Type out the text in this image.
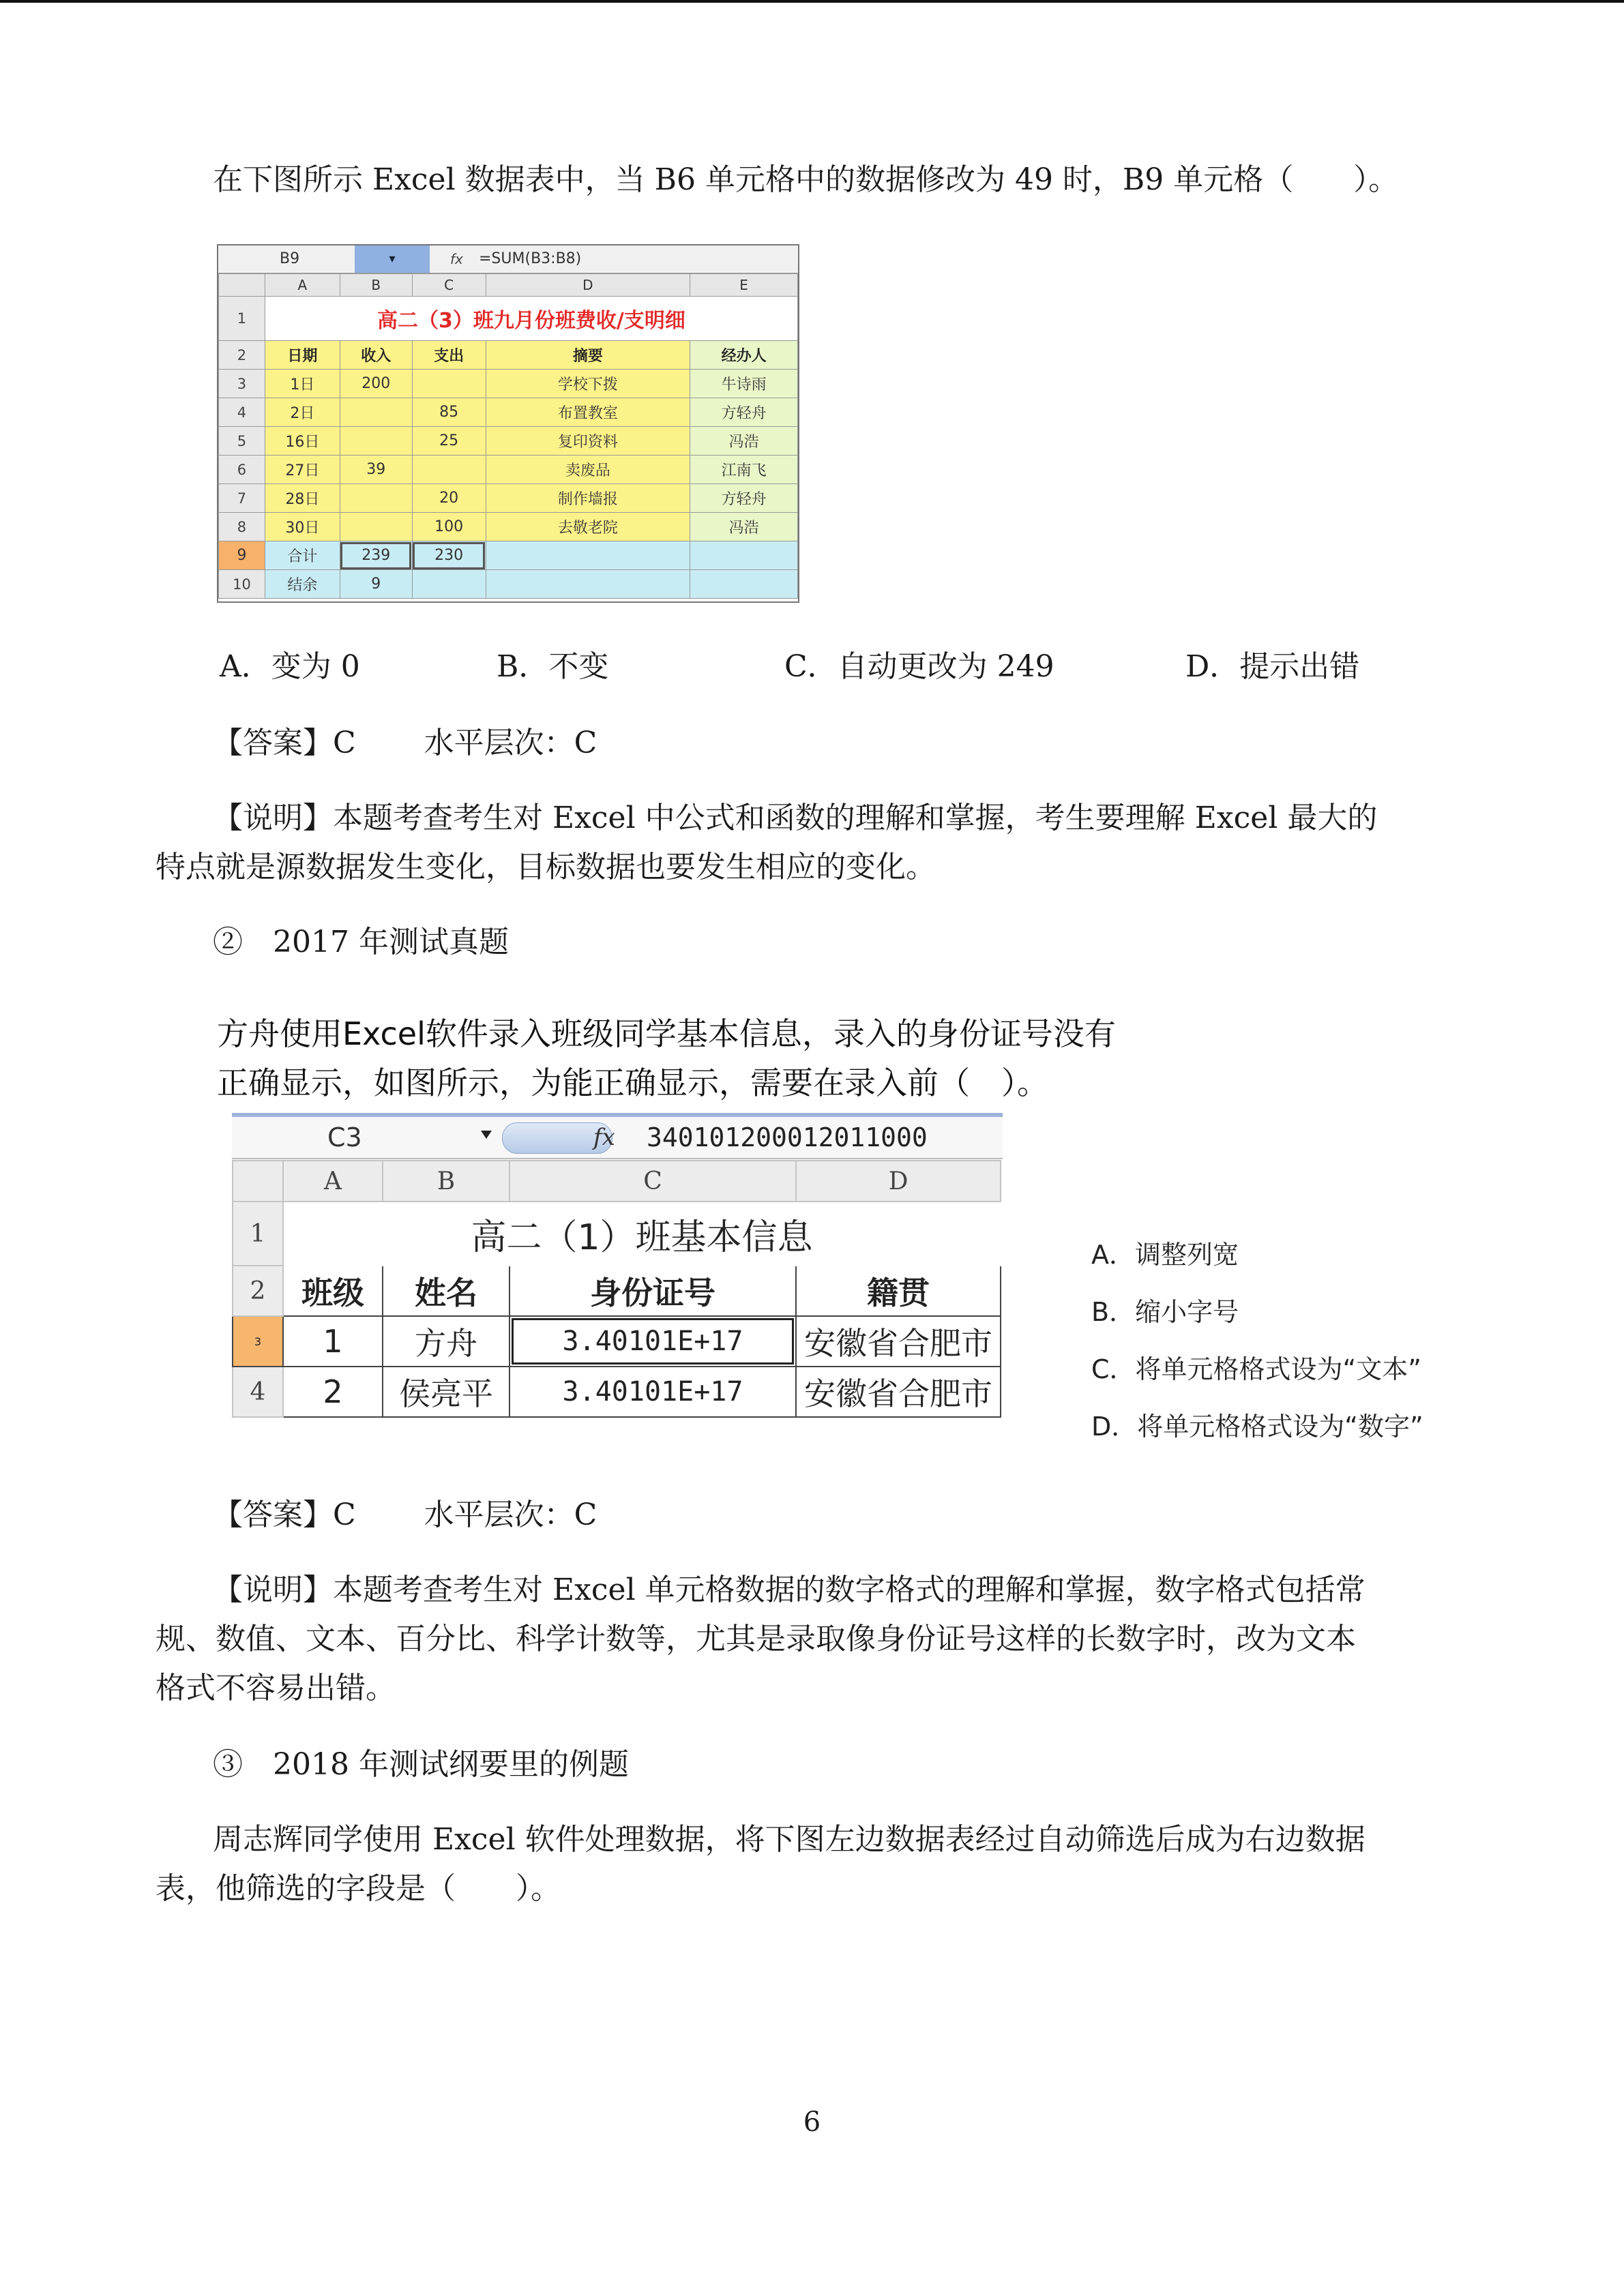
在下图所示 Excel 数据表中，当 B6 单元格中的数据修改为 49 时，B9 单元格（　　）。
B9	▾	fx	=SUM(B3:B8)
	A	B	C	D	E
1	高二（3）班九月份班费收/支明细				
2	日期	收入	支出	摘要	经办人
3	1日	200		学校下拨	牛诗雨
4	2日		85	布置教室	方轻舟
5	16日		25	复印资料	冯浩
6	27日	39		卖废品	江南飞
7	28日		20	制作墙报	方轻舟
8	30日		100	去敬老院	冯浩
9	合计	239	230		
10	结余	9			
A．变为 0	B．不变	C．自动更改为 249	D．提示出错
【答案】C 水平层次：C
【说明】本题考查考生对 Excel 中公式和函数的理解和掌握，考生要理解 Excel 最大的
特点就是源数据发生变化，目标数据也要发生相应的变化。
②　2017 年测试真题
方舟使用Excel软件录入班级同学基本信息，录入的身份证号没有
正确显示，如图所示，为能正确显示，需要在录入前（　）。
C3	fx 340101200012011000
	A	B	C	D
1	高二（1）班基本信息			
2	班级	姓名	身份证号	籍贯
3	1	方舟	3.40101E+17	安徽省合肥市
4	2	侯亮平	3.40101E+17	安徽省合肥市
A．调整列宽
B．缩小字号
C．将单元格格式设为“文本”
D．将单元格格式设为“数字”
【答案】C 水平层次：C
【说明】本题考查考生对 Excel 单元格数据的数字格式的理解和掌握，数字格式包括常
规、数值、文本、百分比、科学计数等，尤其是录取像身份证号这样的长数字时，改为文本
格式不容易出错。
③　2018 年测试纲要里的例题
周志辉同学使用 Excel 软件处理数据，将下图左边数据表经过自动筛选后成为右边数据
表，他筛选的字段是（　　）。
6
